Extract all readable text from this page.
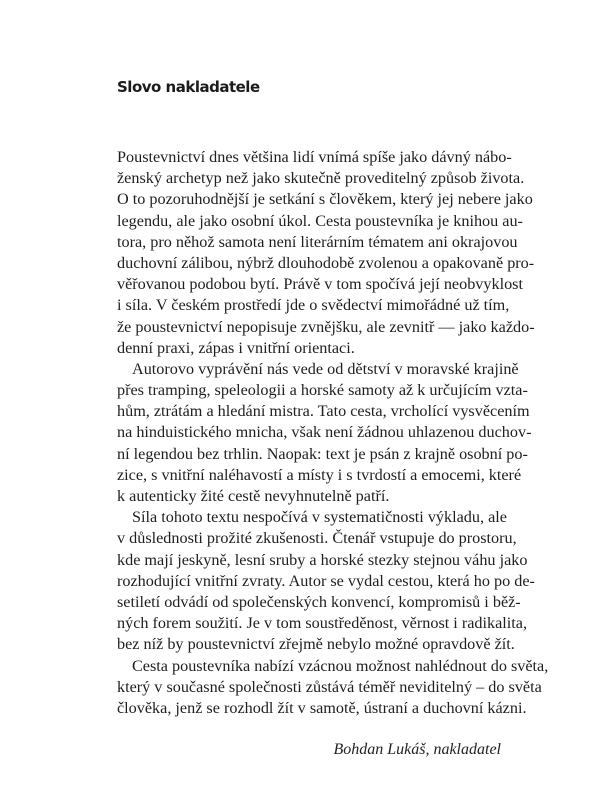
Slovo nakladatele
Poustevnictví dnes většina lidí vnímá spíše jako dávný nábo-
ženský archetyp než jako skutečně proveditelný způsob života.
O to pozoruhodnější je setkání s člověkem, který jej nebere jako
legendu, ale jako osobní úkol. Cesta poustevníka je knihou au-
tora, pro něhož samota není literárním tématem ani okrajovou
duchovní zálibou, nýbrž dlouhodobě zvolenou a opakovaně pro-
věřovanou podobou bytí. Právě v tom spočívá její neobvyklost
i síla. V českém prostředí jde o svědectví mimořádné už tím,
že poustevnictví nepopisuje zvnějšku, ale zevnitř — jako každo-
denní praxi, zápas i vnitřní orientaci.
Autorovo vyprávění nás vede od dětství v moravské krajině
přes tramping, speleologii a horské samoty až k určujícím vzta-
hům, ztrátám a hledání mistra. Tato cesta, vrcholící vysvěcením
na hinduistického mnicha, však není žádnou uhlazenou duchov-
ní legendou bez trhlin. Naopak: text je psán z krajně osobní po-
zice, s vnitřní naléhavostí a místy i s tvrdostí a emocemi, které
k autenticky žité cestě nevyhnutelně patří.
Síla tohoto textu nespočívá v systematičnosti výkladu, ale
v důslednosti prožité zkušenosti. Čtenář vstupuje do prostoru,
kde mají jeskyně, lesní sruby a horské stezky stejnou váhu jako
rozhodující vnitřní zvraty. Autor se vydal cestou, která ho po de-
setiletí odvádí od společenských konvencí, kompromisů i běž-
ných forem soužití. Je v tom soustředěnost, věrnost i radikalita,
bez níž by poustevnictví zřejmě nebylo možné opravdově žít.
Cesta poustevníka nabízí vzácnou možnost nahlédnout do světa,
který v současné společnosti zůstává téměř neviditelný – do světa
člověka, jenž se rozhodl žít v samotě, ústraní a duchovní kázni.
Bohdan Lukáš, nakladatel
